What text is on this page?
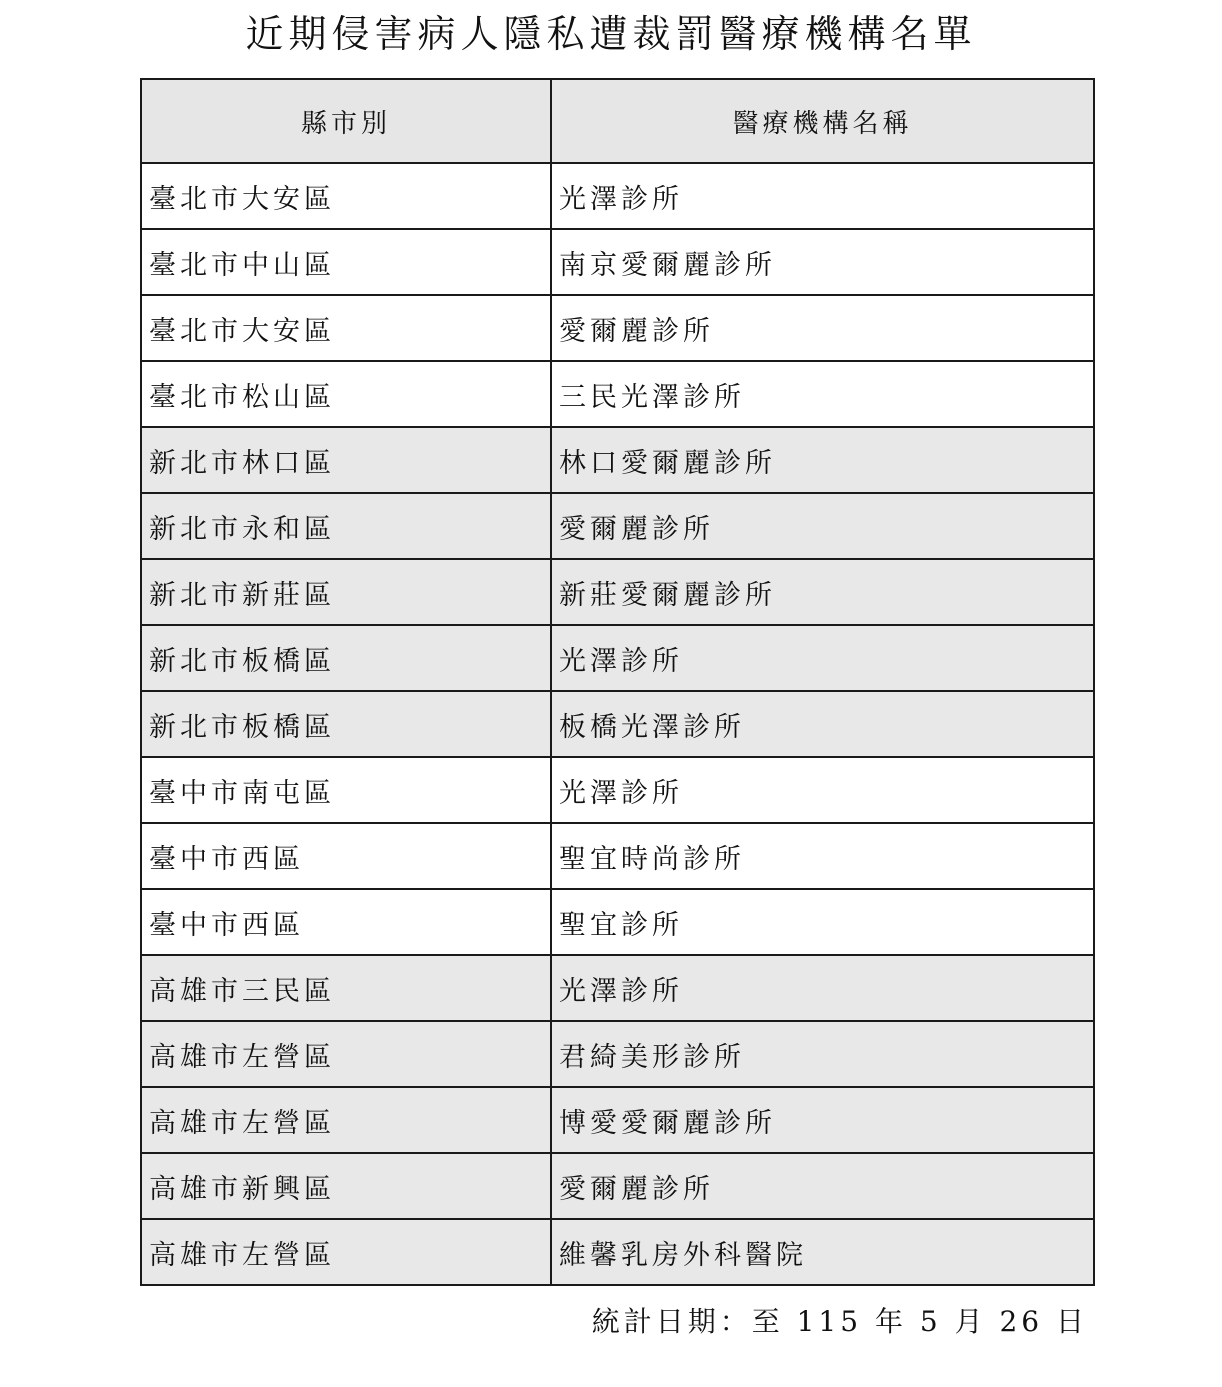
近期侵害病人隱私遭裁罰醫療機構名單
縣市別	醫療機構名稱
臺北市大安區	光澤診所
臺北市中山區	南京愛爾麗診所
臺北市大安區	愛爾麗診所
臺北市松山區	三民光澤診所
新北市林口區	林口愛爾麗診所
新北市永和區	愛爾麗診所
新北市新莊區	新莊愛爾麗診所
新北市板橋區	光澤診所
新北市板橋區	板橋光澤診所
臺中市南屯區	光澤診所
臺中市西區	聖宜時尚診所
臺中市西區	聖宜診所
高雄市三民區	光澤診所
高雄市左營區	君綺美形診所
高雄市左營區	博愛愛爾麗診所
高雄市新興區	愛爾麗診所
高雄市左營區	維馨乳房外科醫院
統計日期：至 115 年 5 月 26 日
